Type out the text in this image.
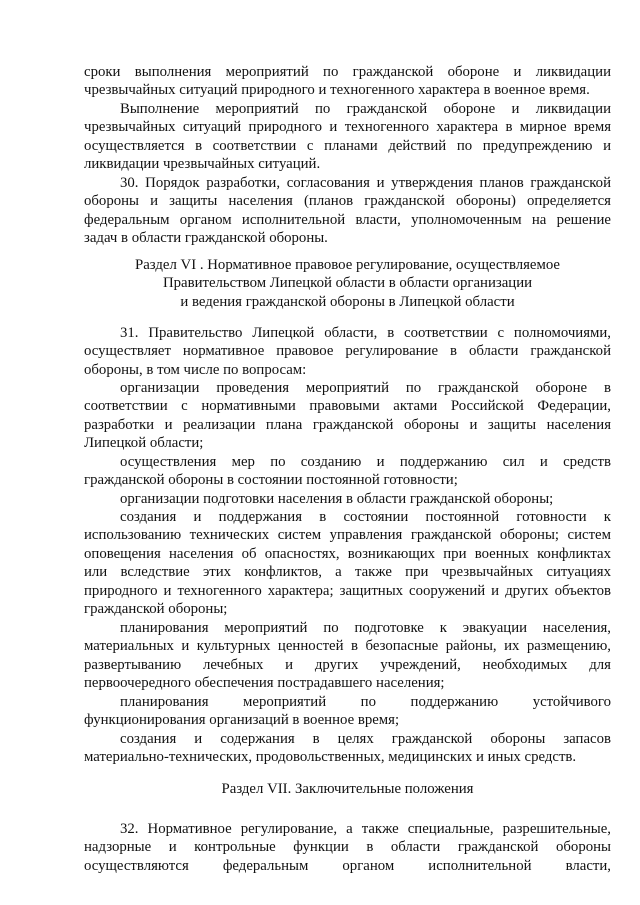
сроки выполнения мероприятий по гражданской обороне и ликвидации
чрезвычайных ситуаций природного и техногенного характера в военное время.
Выполнение мероприятий по гражданской обороне и ликвидации
чрезвычайных ситуаций природного и техногенного характера в мирное время
осуществляется в соответствии с планами действий по предупреждению и
ликвидации чрезвычайных ситуаций.
30. Порядок разработки, согласования и утверждения планов гражданской
обороны и защиты населения (планов гражданской обороны) определяется
федеральным органом исполнительной власти, уполномоченным на решение
задач в области гражданской обороны.
Раздел VI . Нормативное правовое регулирование, осуществляемое
Правительством Липецкой области в области организации
и ведения гражданской обороны в Липецкой области
31. Правительство Липецкой области, в соответствии с полномочиями,
осуществляет нормативное правовое регулирование в области гражданской
обороны, в том числе по вопросам:
организации проведения мероприятий по гражданской обороне в
соответствии с нормативными правовыми актами Российской Федерации,
разработки и реализации плана гражданской обороны и защиты населения
Липецкой области;
осуществления мер по созданию и поддержанию сил и средств
гражданской обороны в состоянии постоянной готовности;
организации подготовки населения в области гражданской обороны;
создания и поддержания в состоянии постоянной готовности к
использованию технических систем управления гражданской обороны; систем
оповещения населения об опасностях, возникающих при военных конфликтах
или вследствие этих конфликтов, а также при чрезвычайных ситуациях
природного и техногенного характера; защитных сооружений и других объектов
гражданской обороны;
планирования мероприятий по подготовке к эвакуации населения,
материальных и культурных ценностей в безопасные районы, их размещению,
развертыванию лечебных и других учреждений, необходимых для
первоочередного обеспечения пострадавшего населения;
планирования мероприятий по поддержанию устойчивого
функционирования организаций в военное время;
создания и содержания в целях гражданской обороны запасов
материально-технических, продовольственных, медицинских и иных средств.
Раздел VII. Заключительные положения
32. Нормативное регулирование, а также специальные, разрешительные,
надзорные и контрольные функции в области гражданской обороны
осуществляются федеральным органом исполнительной власти,
